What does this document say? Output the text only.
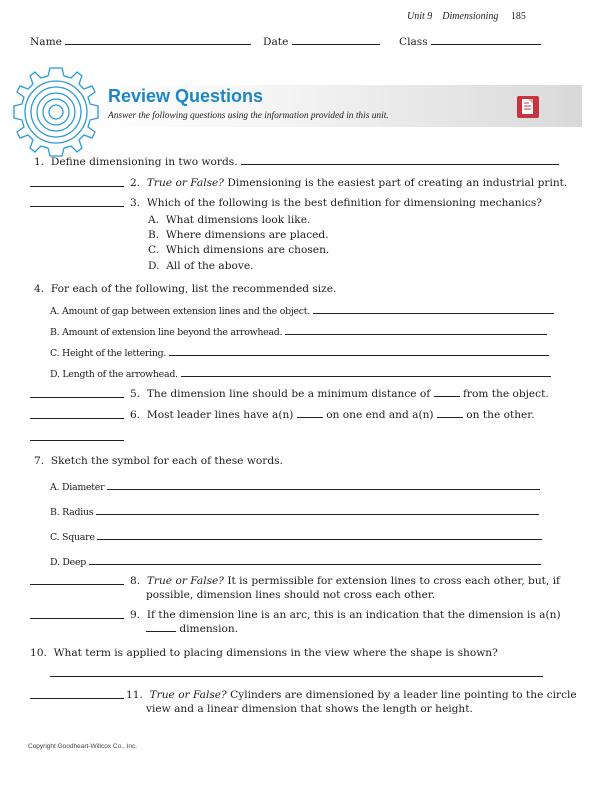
Unit 9 Dimensioning 185
Name	Date	Class
Review Questions
Answer the following questions using the information provided in this unit.
1. Define dimensioning in two words.
2. True or False? Dimensioning is the easiest part of creating an industrial print.
3. Which of the following is the best definition for dimensioning mechanics?
A. What dimensions look like.
B. Where dimensions are placed.
C. Which dimensions are chosen.
D. All of the above.
4. For each of the following, list the recommended size.
A. Amount of gap between extension lines and the object.
B. Amount of extension line beyond the arrowhead.
C. Height of the lettering.
D. Length of the arrowhead.
5. The dimension line should be a minimum distance of	from the object.
6. Most leader lines have a(n)	on one end and a(n)	on the other.
7. Sketch the symbol for each of these words.
A. Diameter
B. Radius
C. Square
D. Deep
8. True or False? It is permissible for extension lines to cross each other, but, if
possible, dimension lines should not cross each other.
9. If the dimension line is an arc, this is an indication that the dimension is a(n)
dimension.
10. What term is applied to placing dimensions in the view where the shape is shown?
11. True or False? Cylinders are dimensioned by a leader line pointing to the circle
view and a linear dimension that shows the length or height.
Copyright Goodheart-Willcox Co., Inc.
